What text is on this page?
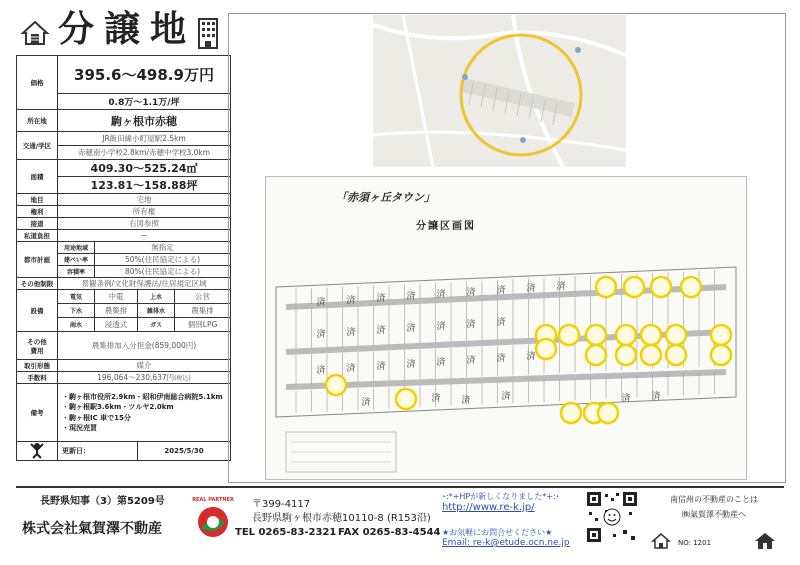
分譲地
価格	395.6〜498.9万円			
	0.8万〜1.1万/坪			
所在地	駒ヶ根市赤穂			
交通/学区	JR飯田線小町屋駅2.5km			
	赤穂南小学校2.8km/赤穂中学校3.0km			
面積	409.30〜525.24㎡			
	123.81〜158.88坪			
地目	宅地			
権利	所有権			
接道	右図参照			
私道負担	−			
都市計画	用途地域	無指定		
	建ぺい率	50%(住民協定による)		
	容積率	80%(住民協定による)		
その他制限	景観条例/文化財保護法/住居規定区域			
設備	電気	中電	上水	公営
	下水	農集排	雑排水	農集排
	雨水	浸透式	ガス	個別LPG
その他
費用	農集排加入分担金(859,000円)			
取引形態	媒介			
手数料	196,064〜230,637円(税込)			
備考	・駒ヶ根市役所2.9km・昭和伊南総合病院5.1km
・駒ヶ根駅3.6km・ツルヤ2.0km
・駒ヶ根IC 車で15分
・現況売買			

	更新日：		2025/5/30	
「赤須ヶ丘タウン」
分譲区画図
済 済 済 済 済 済 済 済 済
済 済 済 済 済 済 済
済 済 済 済 済 済 済 済
済	済 済	済	済 済
長野県知事（3）第5209号
株式会社氣賀澤不動産
REAL PARTNER 〒399-4117
長野県駒ヶ根市赤穂10110-8 (R153沿)
TEL 0265-83-2321 FAX 0265-83-4544
･:*+HPが新しくなりました*+:･
http://www.re-k.jp/
★お気軽にお問合せください★
Email: re-k@etude.ocn.ne.jp
南信州の不動産のことは
㈱氣賀澤不動産へ
NO: 1201
